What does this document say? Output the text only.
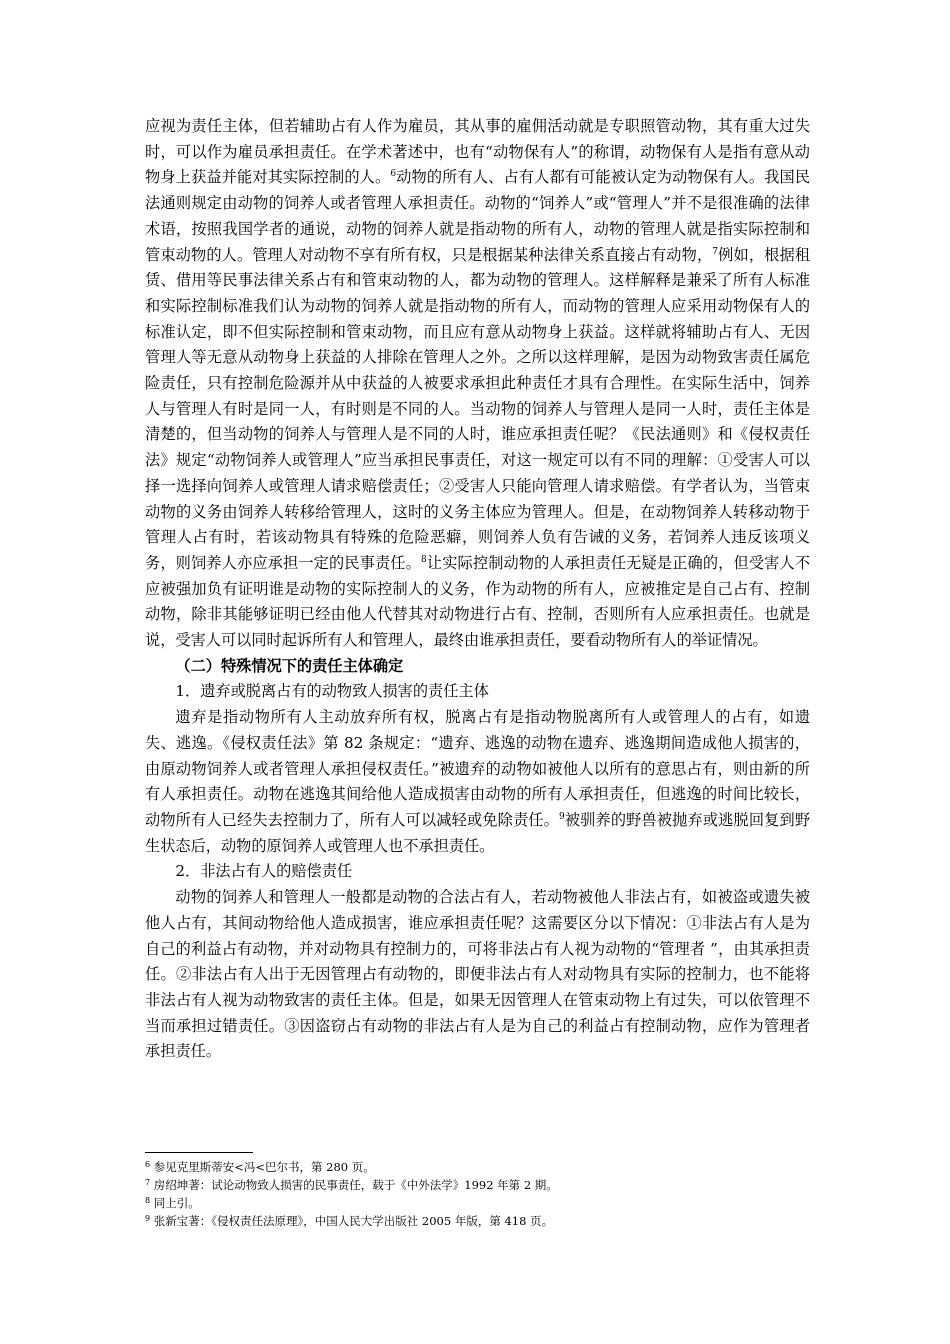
应视为责任主体，但若辅助占有人作为雇员，其从事的雇佣活动就是专职照管动物，其有重大过失时，可以作为雇员承担责任。在学术著述中，也有“动物保有人”的称谓，动物保有人是指有意从动物身上获益并能对其实际控制的人。$^6$动物的所有人、占有人都有可能被认定为动物保有人。我国民法通则规定由动物的饲养人或者管理人承担责任。动物的“饲养人”或“管理人”并不是很准确的法律术语，按照我国学者的通说，动物的饲养人就是指动物的所有人，动物的管理人就是指实际控制和管束动物的人。管理人对动物不享有所有权，只是根据某种法律关系直接占有动物，$^7$例如，根据租赁、借用等民事法律关系占有和管束动物的人，都为动物的管理人。这样解释是兼采了所有人标准和实际控制标准我们认为动物的饲养人就是指动物的所有人，而动物的管理人应采用动物保有人的标准认定，即不但实际控制和管束动物，而且应有意从动物身上获益。这样就将辅助占有人、无因管理人等无意从动物身上获益的人排除在管理人之外。之所以这样理解，是因为动物致害责任属危险责任，只有控制危险源并从中获益的人被要求承担此种责任才具有合理性。在实际生活中，饲养人与管理人有时是同一人，有时则是不同的人。当动物的饲养人与管理人是同一人时，责任主体是清楚的，但当动物的饲养人与管理人是不同的人时，谁应承担责任呢？《民法通则》和《侵权责任法》规定“动物饲养人或管理人”应当承担民事责任，对这一规定可以有不同的理解：①受害人可以择一选择向饲养人或管理人请求赔偿责任；②受害人只能向管理人请求赔偿。有学者认为，当管束动物的义务由饲养人转移给管理人，这时的义务主体应为管理人。但是，在动物饲养人转移动物于管理人占有时，若该动物具有特殊的危险恶癖，则饲养人负有告诫的义务，若饲养人违反该项义务，则饲养人亦应承担一定的民事责任。$^8$让实际控制动物的人承担责任无疑是正确的，但受害人不应被强加负有证明谁是动物的实际控制人的义务，作为动物的所有人，应被推定是自己占有、控制动物，除非其能够证明已经由他人代替其对动物进行占有、控制，否则所有人应承担责任。也就是说，受害人可以同时起诉所有人和管理人，最终由谁承担责任，要看动物所有人的举证情况。

（二）特殊情况下的责任主体确定

1．遗弃或脱离占有的动物致人损害的责任主体

遗弃是指动物所有人主动放弃所有权，脱离占有是指动物脱离所有人或管理人的占有，如遗失、逃逸。《侵权责任法》第 82 条规定：“遗弃、逃逸的动物在遗弃、逃逸期间造成他人损害的，由原动物饲养人或者管理人承担侵权责任。”被遗弃的动物如被他人以所有的意思占有，则由新的所有人承担责任。动物在逃逸其间给他人造成损害由动物的所有人承担责任，但逃逸的时间比较长，动物所有人已经失去控制力了，所有人可以减轻或免除责任。$^9$被驯养的野兽被抛弃或逃脱回复到野生状态后，动物的原饲养人或管理人也不承担责任。

2．非法占有人的赔偿责任

动物的饲养人和管理人一般都是动物的合法占有人，若动物被他人非法占有，如被盗或遗失被他人占有，其间动物给他人造成损害，谁应承担责任呢？这需要区分以下情况：①非法占有人是为自己的利益占有动物，并对动物具有控制力的，可将非法占有人视为动物的“管理者 ”，由其承担责任。②非法占有人出于无因管理占有动物的，即便非法占有人对动物具有实际的控制力，也不能将非法占有人视为动物致害的责任主体。但是，如果无因管理人在管束动物上有过失，可以依管理不当而承担过错责任。③因盗窃占有动物的非法占有人是为自己的利益占有控制动物，应作为管理者承担责任。

$^6$ 参见克里斯蒂安<冯<巴尔书，第 280 页。

$^7$ 房绍坤著：试论动物致人损害的民事责任，载于《中外法学》1992 年第 2 期。

$^8$ 同上引。

$^9$ 张新宝著：《侵权责任法原理》，中国人民大学出版社 2005 年版，第 418 页。
